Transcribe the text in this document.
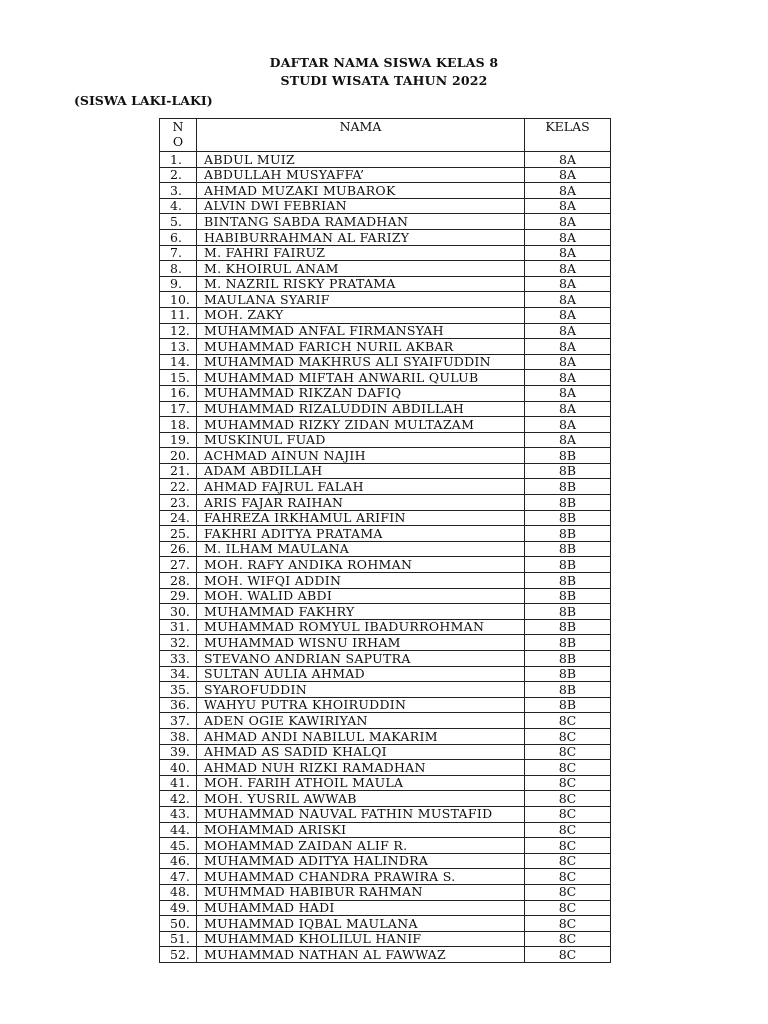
DAFTAR NAMA SISWA KELAS 8
STUDI WISATA TAHUN 2022
(SISWA LAKI-LAKI)
N
O	NAMA	KELAS
1.	ABDUL MUIZ	8A
2.	ABDULLAH MUSYAFFA’	8A
3.	AHMAD MUZAKI MUBAROK	8A
4.	ALVIN DWI FEBRIAN	8A
5.	BINTANG SABDA RAMADHAN	8A
6.	HABIBURRAHMAN AL FARIZY	8A
7.	M. FAHRI FAIRUZ	8A
8.	M. KHOIRUL ANAM	8A
9.	M. NAZRIL RISKY PRATAMA	8A
10.	MAULANA SYARIF	8A
11.	MOH. ZAKY	8A
12.	MUHAMMAD ANFAL FIRMANSYAH	8A
13.	MUHAMMAD FARICH NURIL AKBAR	8A
14.	MUHAMMAD MAKHRUS ALI SYAIFUDDIN	8A
15.	MUHAMMAD MIFTAH ANWARIL QULUB	8A
16.	MUHAMMAD RIKZAN DAFIQ	8A
17.	MUHAMMAD RIZALUDDIN ABDILLAH	8A
18.	MUHAMMAD RIZKY ZIDAN MULTAZAM	8A
19.	MUSKINUL FUAD	8A
20.	ACHMAD AINUN NAJIH	8B
21.	ADAM ABDILLAH	8B
22.	AHMAD FAJRUL FALAH	8B
23.	ARIS FAJAR RAIHAN	8B
24.	FAHREZA IRKHAMUL ARIFIN	8B
25.	FAKHRI ADITYA PRATAMA	8B
26.	M. ILHAM MAULANA	8B
27.	MOH. RAFY ANDIKA ROHMAN	8B
28.	MOH. WIFQI ADDIN	8B
29.	MOH. WALID ABDI	8B
30.	MUHAMMAD FAKHRY	8B
31.	MUHAMMAD ROMYUL IBADURROHMAN	8B
32.	MUHAMMAD WISNU IRHAM	8B
33.	STEVANO ANDRIAN SAPUTRA	8B
34.	SULTAN AULIA AHMAD	8B
35.	SYAROFUDDIN	8B
36.	WAHYU PUTRA KHOIRUDDIN	8B
37.	ADEN OGIE KAWIRIYAN	8C
38.	AHMAD ANDI NABILUL MAKARIM	8C
39.	AHMAD AS SADID KHALQI	8C
40.	AHMAD NUH RIZKI RAMADHAN	8C
41.	MOH. FARIH ATHOIL MAULA	8C
42.	MOH. YUSRIL AWWAB	8C
43.	MUHAMMAD NAUVAL FATHIN MUSTAFID	8C
44.	MOHAMMAD ARISKI	8C
45.	MOHAMMAD ZAIDAN ALIF R.	8C
46.	MUHAMMAD ADITYA HALINDRA	8C
47.	MUHAMMAD CHANDRA PRAWIRA S.	8C
48.	MUHMMAD HABIBUR RAHMAN	8C
49.	MUHAMMAD HADI	8C
50.	MUHAMMAD IQBAL MAULANA	8C
51.	MUHAMMAD KHOLILUL HANIF	8C
52.	MUHAMMAD NATHAN AL FAWWAZ	8C
